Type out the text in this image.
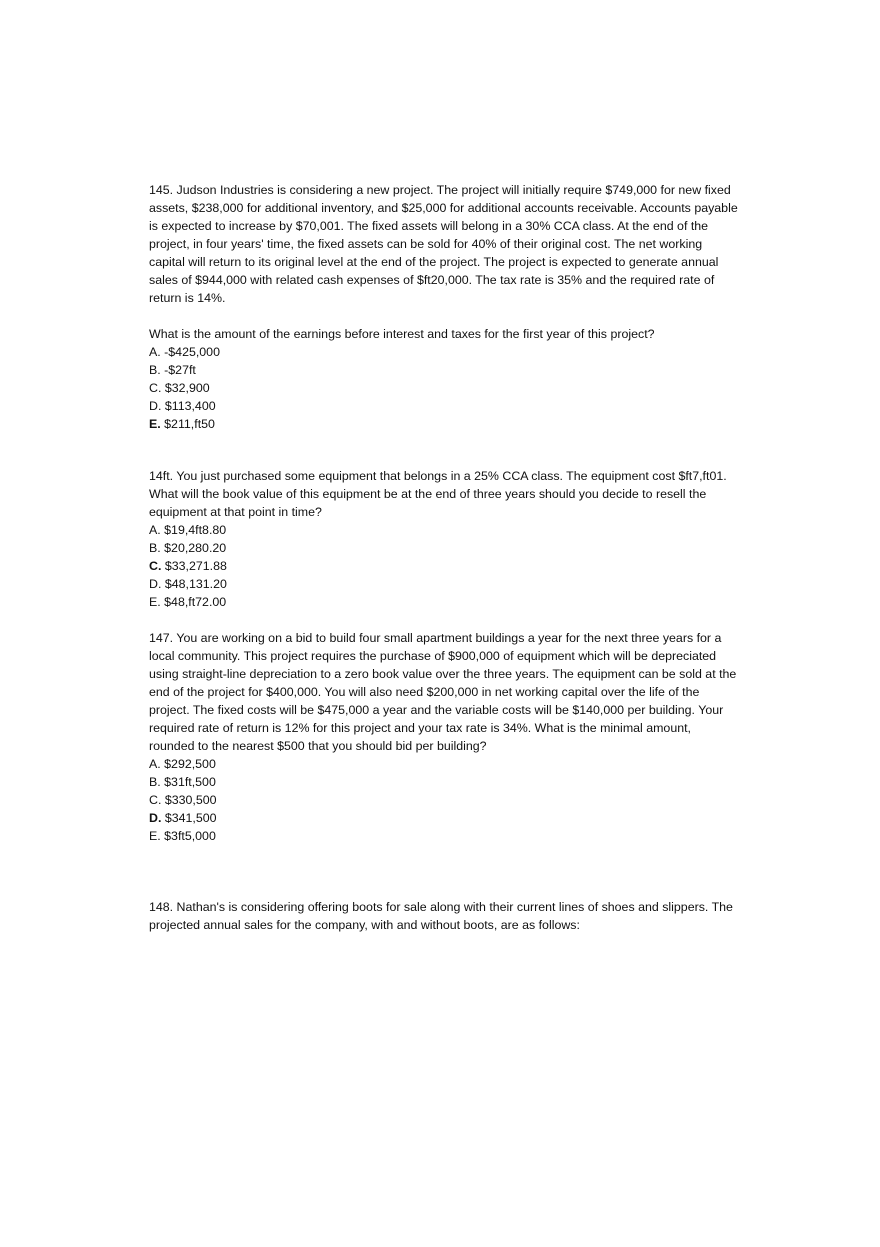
145. Judson Industries is considering a new project. The project will initially require $749,000 for new fixed assets, $238,000 for additional inventory, and $25,000 for additional accounts receivable. Accounts payable is expected to increase by $70,001. The fixed assets will belong in a 30% CCA class. At the end of the project, in four years' time, the fixed assets can be sold for 40% of their original cost. The net working capital will return to its original level at the end of the project. The project is expected to generate annual sales of $944,000 with related cash expenses of $ft20,000. The tax rate is 35% and the required rate of return is 14%.

What is the amount of the earnings before interest and taxes for the first year of this project?

A. -$425,000
B. -$27ft
C. $32,900
D. $113,400
E. $211,ft50

14ft. You just purchased some equipment that belongs in a 25% CCA class. The equipment cost $ft7,ft01. What will the book value of this equipment be at the end of three years should you decide to resell the equipment at that point in time?

A. $19,4ft8.80
B. $20,280.20
C. $33,271.88
D. $48,131.20
E. $48,ft72.00

147. You are working on a bid to build four small apartment buildings a year for the next three years for a local community. This project requires the purchase of $900,000 of equipment which will be depreciated using straight-line depreciation to a zero book value over the three years. The equipment can be sold at the end of the project for $400,000. You will also need $200,000 in net working capital over the life of the project. The fixed costs will be $475,000 a year and the variable costs will be $140,000 per building. Your required rate of return is 12% for this project and your tax rate is 34%. What is the minimal amount, rounded to the nearest $500 that you should bid per building?

A. $292,500
B. $31ft,500
C. $330,500
D. $341,500
E. $3ft5,000

148. Nathan's is considering offering boots for sale along with their current lines of shoes and slippers. The projected annual sales for the company, with and without boots, are as follows:
